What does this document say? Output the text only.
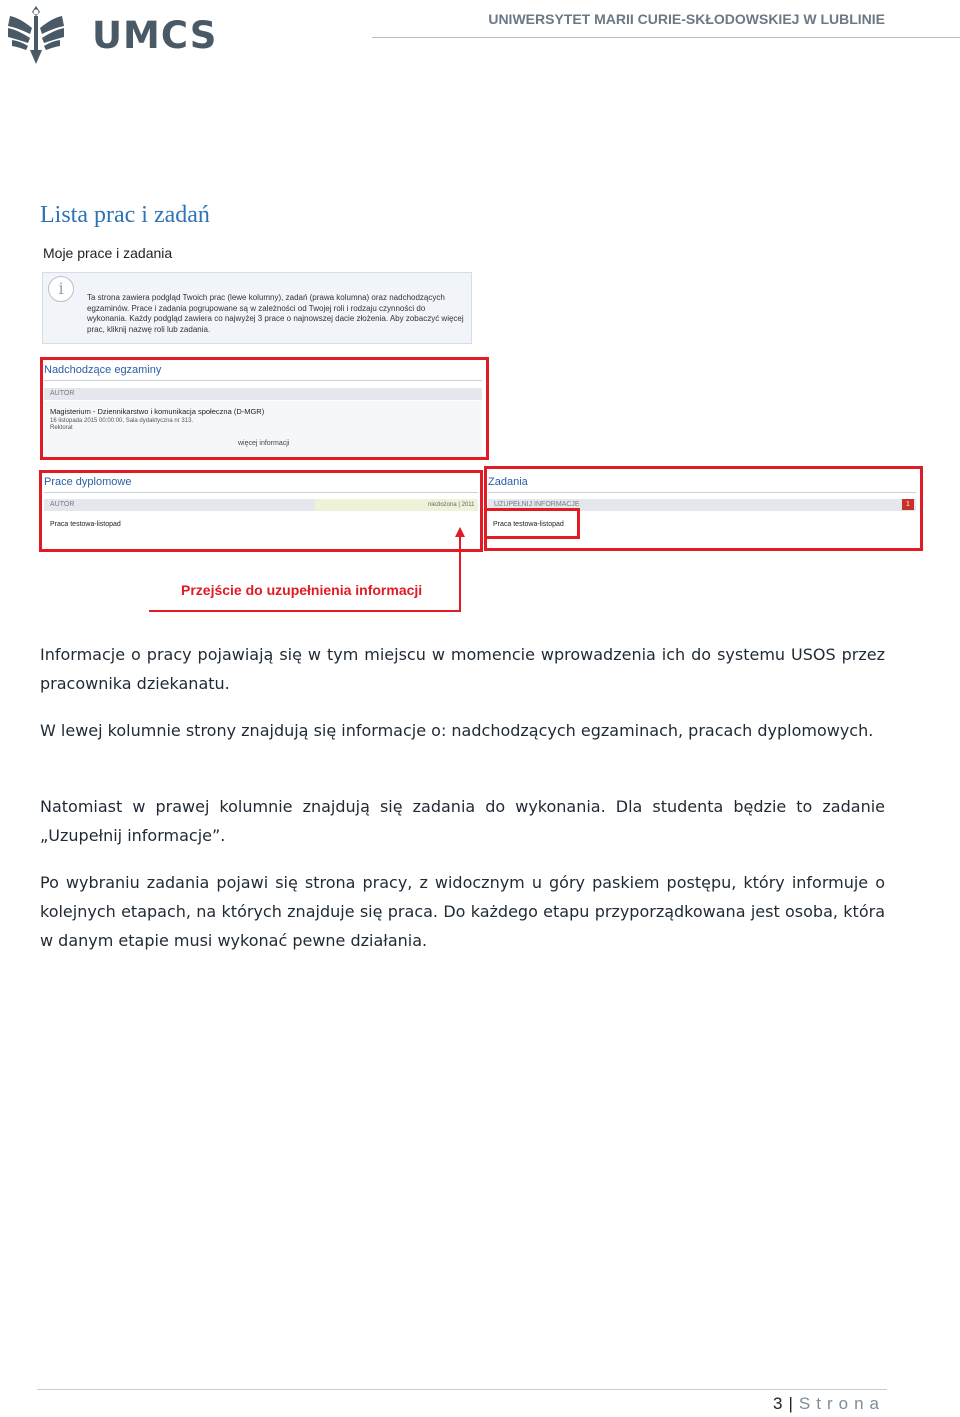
UMCS	UNIWERSYTET MARII CURIE-SKŁODOWSKIEJ W LUBLINIE
Lista prac i zadań
Moje prace i zadania
i	Ta strona zawiera podgląd Twoich prac (lewe kolumny), zadań (prawa kolumna) oraz nadchodzących egzaminów. Prace i zadania pogrupowane są w zależności od Twojej roli i rodzaju czynności do wykonania. Każdy podgląd zawiera co najwyżej 3 prace o najnowszej dacie złożenia. Aby zobaczyć więcej prac, kliknij nazwę roli lub zadania.
Nadchodzące egzaminy
AUTOR
Magisterium - Dziennikarstwo i komunikacja społeczna (D-MGR)
16 listopada 2015 00:00:00, Sala dydaktyczna nr 313.
Rektorat
więcej informacji
Prace dyplomowe
AUTOR	niezłożona | 2011
Praca testowa-listopad
Zadania
UZUPEŁNIJ INFORMACJE	1
Praca testowa-listopad
Przejście do uzupełnienia informacji

Informacje o pracy pojawiają się w tym miejscu w momencie wprowadzenia ich do systemu USOS przez pracownika dziekanatu.

W lewej kolumnie strony znajdują się informacje o: nadchodzących egzaminach, pracach dyplomowych.

Natomiast w prawej kolumnie znajdują się zadania do wykonania. Dla studenta będzie to zadanie „Uzupełnij informacje”.

Po wybraniu zadania pojawi się strona pracy, z widocznym u góry paskiem postępu, który informuje o kolejnych etapach, na których znajduje się praca. Do każdego etapu przyporządkowana jest osoba, która w danym etapie musi wykonać pewne działania.

3 | Strona
